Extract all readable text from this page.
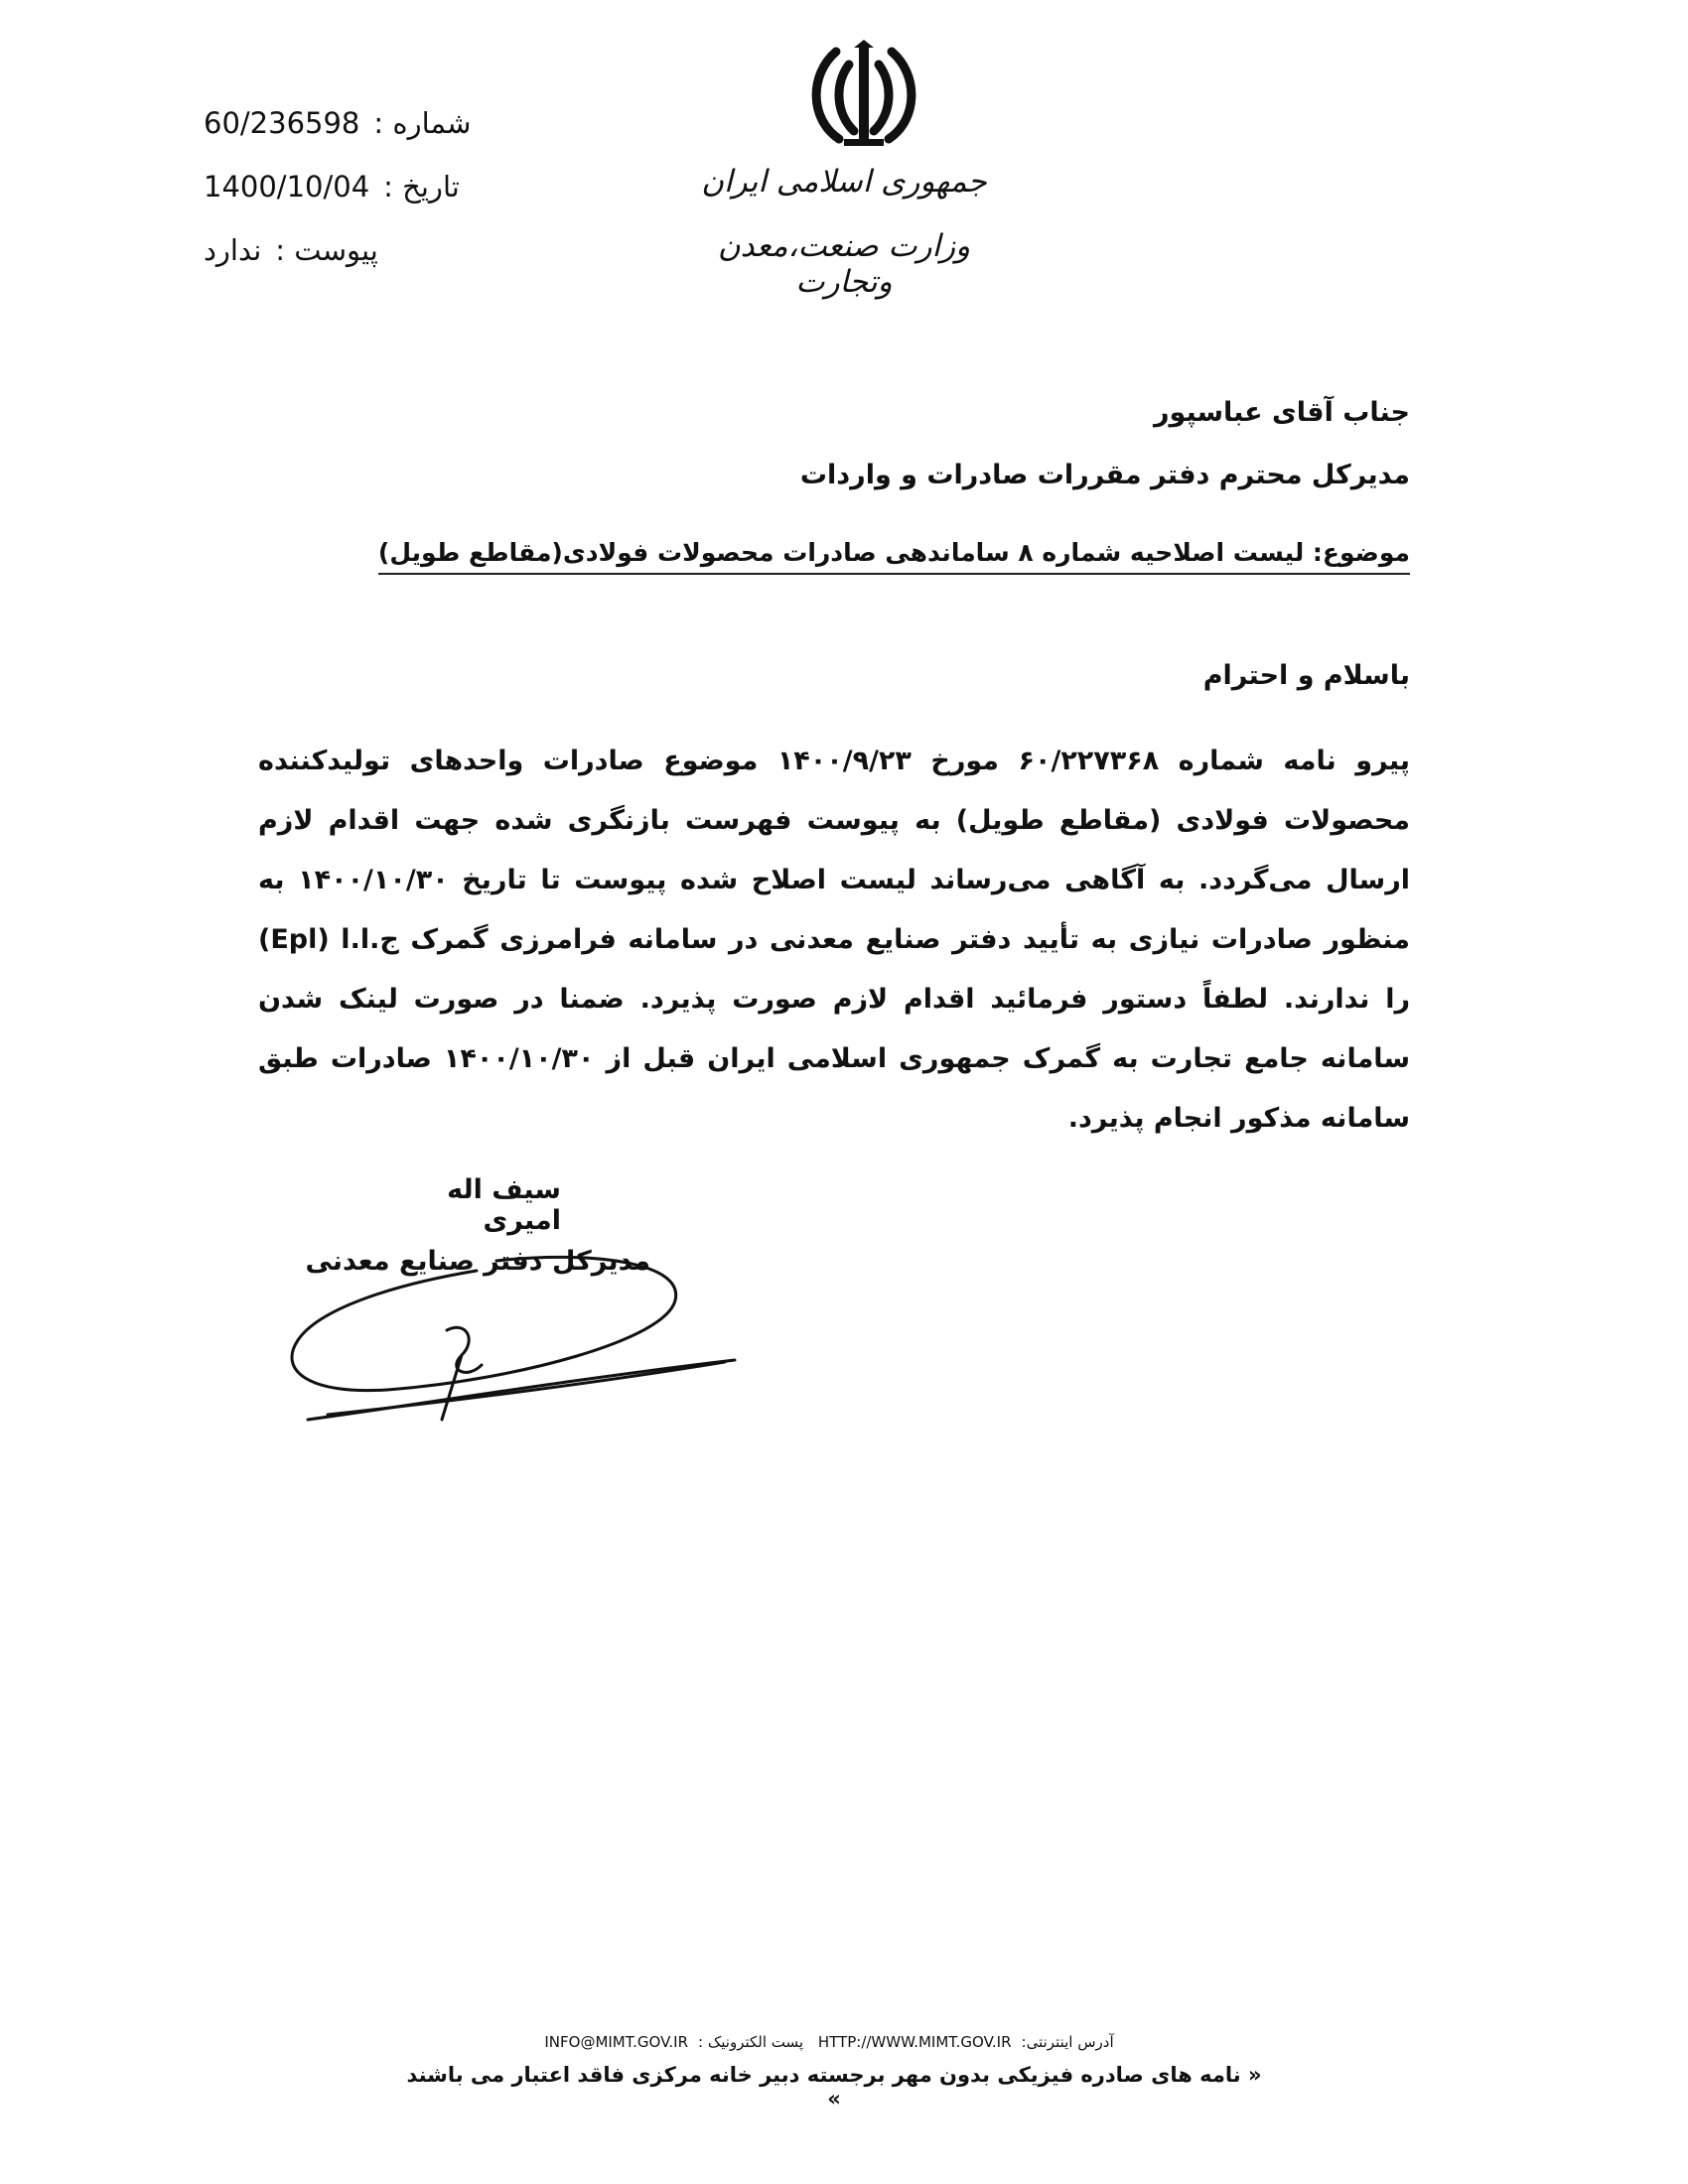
شماره :
60/236598
تاریخ :
1400/10/04
پیوست :
ندارد
جمهوری اسلامی ایران
وزارت صنعت،معدن وتجارت
جناب آقای عباسپور
مدیرکل محترم دفتر مقررات صادرات و واردات
موضوع: لیست اصلاحیه شماره ۸ ساماندهی صادرات محصولات فولادی(مقاطع طویل)
باسلام و احترام
پیرو نامه شماره ۶۰/۲۲۷۳۶۸ مورخ ۱۴۰۰/۹/۲۳ موضوع صادرات واحدهای تولیدکننده محصولات فولادی (مقاطع طویل) به پیوست فهرست بازنگری شده جهت اقدام لازم ارسال می‌گردد. به آگاهی می‌رساند لیست اصلاح شده پیوست تا تاریخ ۱۴۰۰/۱۰/۳۰ به منظور صادرات نیازی به تأیید دفتر صنایع معدنی در سامانه فرامرزی گمرک ج.ا.ا (Epl) را ندارند. لطفاً دستور فرمائید اقدام لازم صورت پذیرد. ضمنا در صورت لینک شدن سامانه جامع تجارت به گمرک جمهوری اسلامی ایران قبل از ۱۴۰۰/۱۰/۳۰ صادرات طبق سامانه مذکور انجام پذیرد.
سیف اله امیری
مدیرکل دفتر صنایع معدنی
آدرس اینترنتی:HTTP://WWW.MIMT.GOV.IR پست الکترونیک :INFO@MIMT.GOV.IR
« نامه های صادره فیزیکی بدون مهر برجسته دبیر خانه مرکزی فاقد اعتبار می باشند »
